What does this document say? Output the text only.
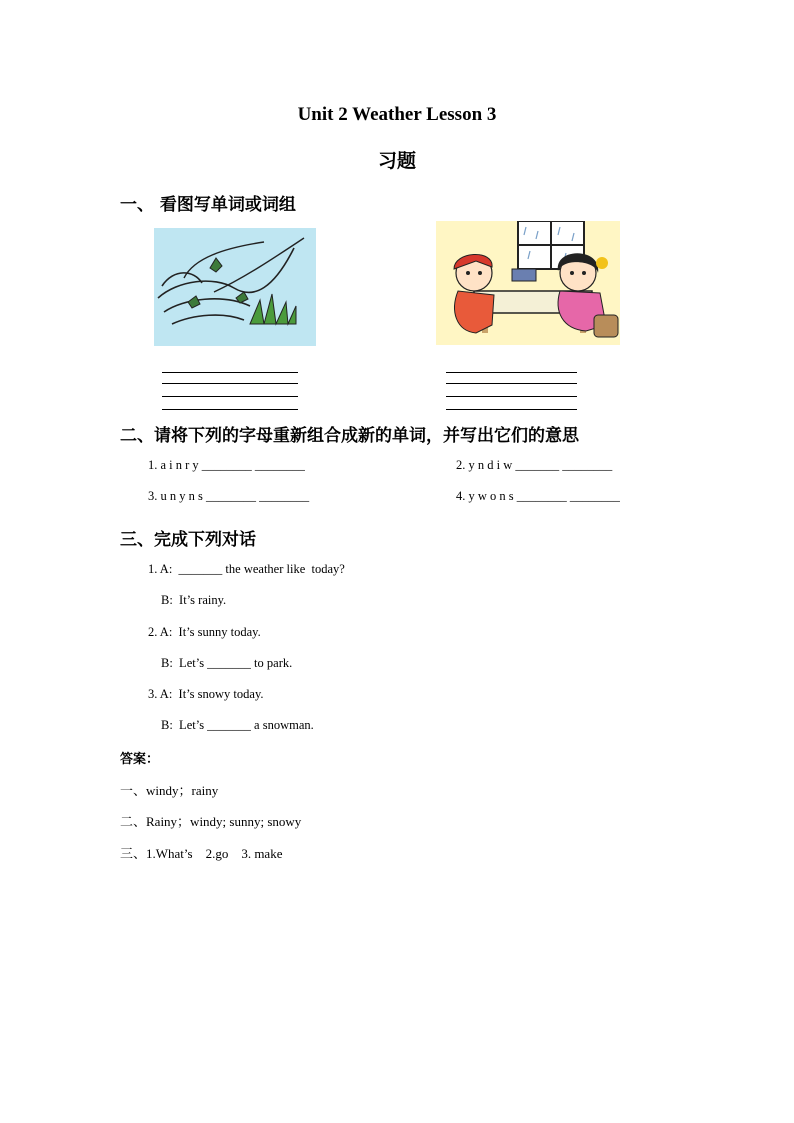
Unit 2 Weather Lesson 3
习题
一、 看图写单词或词组
二、请将下列的字母重新组合成新的单词，并写出它们的意思
1. a i n r y ________ ________	2. y n d i w _______ ________
3. u n y n s ________ ________	4. y w o n s ________ ________
三、完成下列对话
1. A:  _______ the weather like  today?
B:  It’s rainy.
2. A:  It’s sunny today.
B:  Let’s _______ to park.
3. A:  It’s snowy today.
B:  Let’s _______ a snowman.
答案：
一、windy；rainy
二、Rainy；windy; sunny; snowy
三、1.What’s    2.go    3. make
